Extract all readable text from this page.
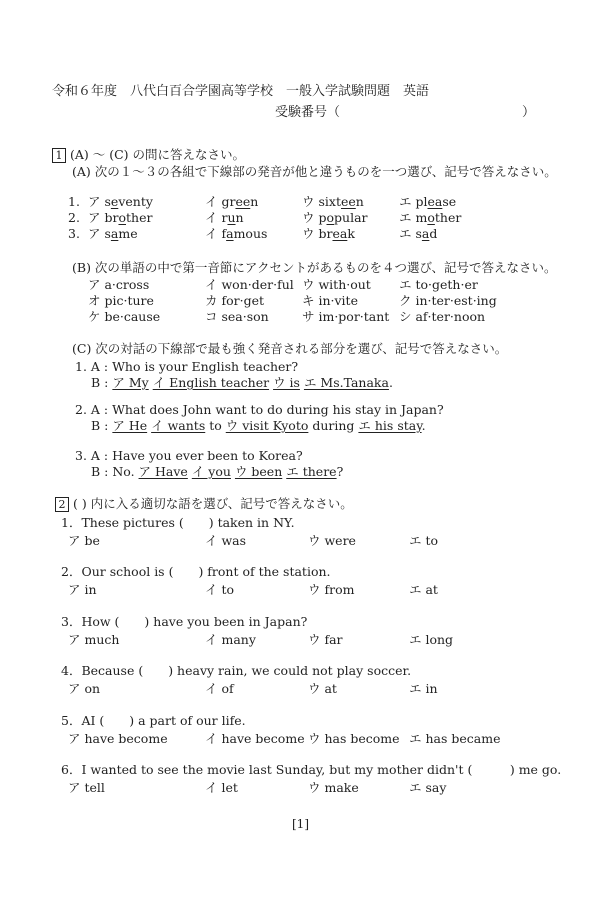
令和６年度　八代白百合学園高等学校　一般入学試験問題　英語
受験番号（	）
1 (A) ～ (C) の問に答えなさい。
(A) 次の１～３の各組で下線部の発音が他と違うものを一つ選び、記号で答えなさい。
1. ア seventy	イ green	ウ sixteen	エ please
2. ア brother	イ run	ウ popular	エ mother
3. ア same	イ famous	ウ break	エ sad
(B) 次の単語の中で第一音節にアクセントがあるものを４つ選び、記号で答えなさい。
ア a·cross	イ won·der·ful ウ with·out エ to·geth·er
オ pic·ture	カ for·get	キ in·vite	ク in·ter·est·ing
ケ be·cause	コ sea·son	サ im·por·tant シ af·ter·noon
(C) 次の対話の下線部で最も強く発音される部分を選び、記号で答えなさい。
1. A : Who is your English teacher?
B : ア My イ English teacher ウ is エ Ms.Tanaka.
2. A : What does John want to do during his stay in Japan?
B : ア He イ wants to ウ visit Kyoto during エ his stay.
3. A : Have you ever been to Korea?
B : No. ア Have イ you ウ been エ there?
2 ( ) 内に入る適切な語を選び、記号で答えなさい。
1．These pictures (　　) taken in NY.
ア be	イ was	ウ were	エ to
2．Our school is (　　) front of the station.
ア in	イ to	ウ from	エ at
3．How (　　) have you been in Japan?
ア much	イ many	ウ far	エ long
4．Because (　　) heavy rain, we could not play soccer.
ア on	イ of	ウ at	エ in
5．AI (　　) a part of our life.
ア have become	イ have become ウ has become エ has became
6．I wanted to see the movie last Sunday, but my mother didn't (　　　) me go.
ア tell	イ let	ウ make	エ say
[1]
